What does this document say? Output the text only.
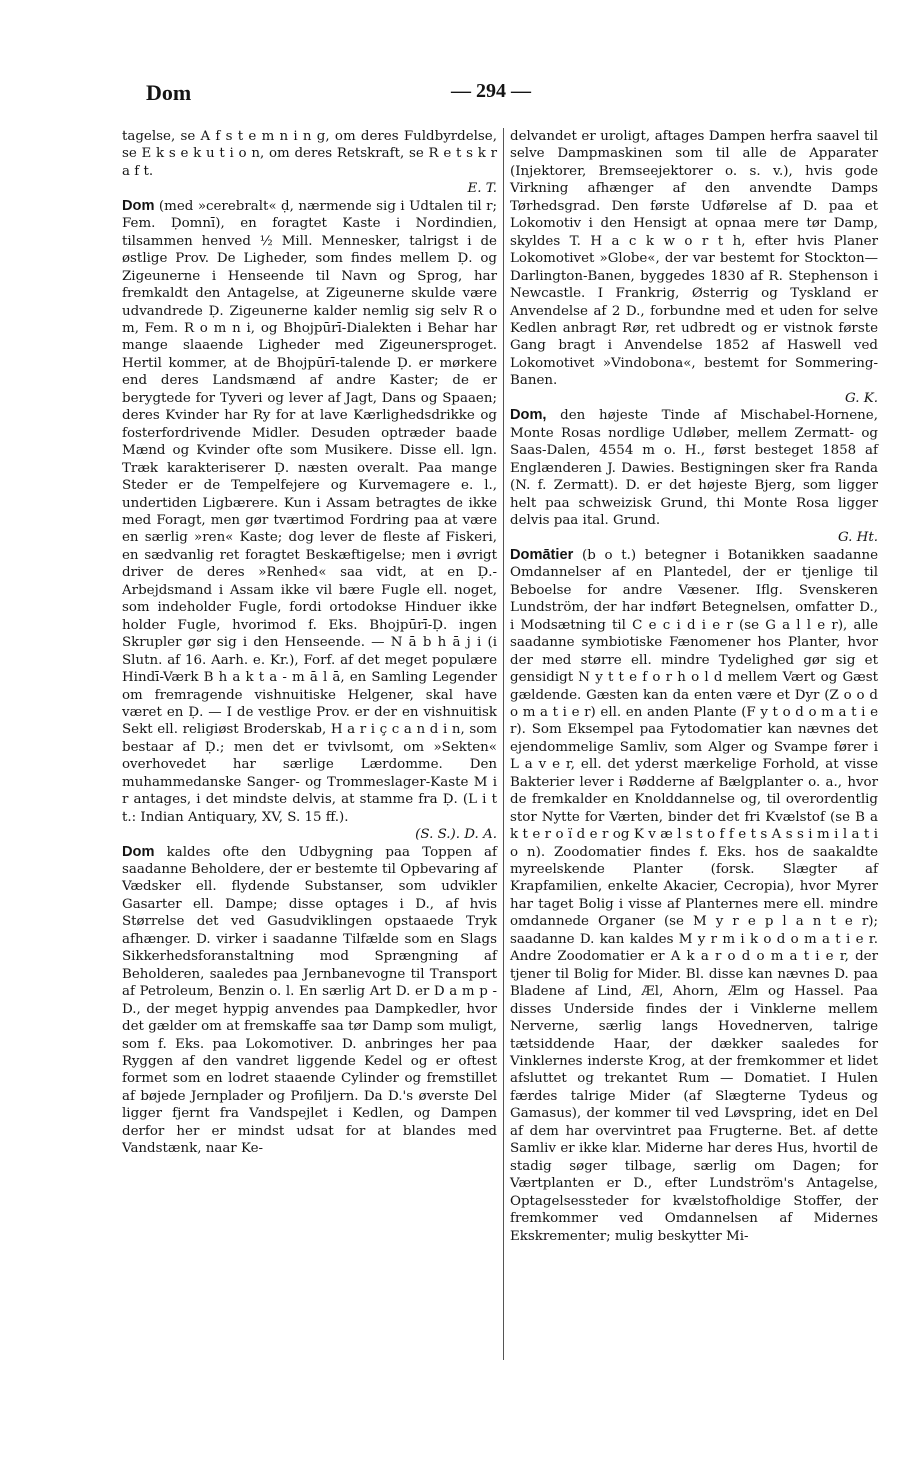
Dom	— 294 —

tagelse, se A f s t e m n i n g, om deres Fuldbyrdelse, se E k s e k u t i o n, om deres Retskraft, se R e t s k r a f t.
E. T.

Dom (med »cerebralt« ḍ, nærmende sig i Udtalen til r; Fem. Ḍomnī), en foragtet Kaste i Nordindien, tilsammen henved ½ Mill. Mennesker, talrigst i de østlige Prov. De Ligheder, som findes mellem Ḍ. og Zigeunerne i Henseende til Navn og Sprog, har fremkaldt den Antagelse, at Zigeunerne skulde være udvandrede Ḍ. Zigeunerne kalder nemlig sig selv R o m, Fem. R o m n i, og Bhojpūrī-Dialekten i Behar har mange slaaende Ligheder med Zigeunersproget. Hertil kommer, at de Bhojpūrī-talende Ḍ. er mørkere end deres Landsmænd af andre Kaster; de er berygtede for Tyveri og lever af Jagt, Dans og Spaaen; deres Kvinder har Ry for at lave Kærlighedsdrikke og fosterfordrivende Midler. Desuden optræder baade Mænd og Kvinder ofte som Musikere. Disse ell. lgn. Træk karakteriserer Ḍ. næsten overalt. Paa mange Steder er de Tempelfejere og Kurvemagere e. l., undertiden Ligbærere. Kun i Assam betragtes de ikke med Foragt, men gør tværtimod Fordring paa at være en særlig »ren« Kaste; dog lever de fleste af Fiskeri, en sædvanlig ret foragtet Beskæftigelse; men i øvrigt driver de deres »Renhed« saa vidt, at en Ḍ.-Arbejdsmand i Assam ikke vil bære Fugle ell. noget, som indeholder Fugle, fordi ortodokse Hinduer ikke holder Fugle, hvorimod f. Eks. Bhojpūrī-Ḍ. ingen Skrupler gør sig i den Henseende. — N ā b h ā j i (i Slutn. af 16. Aarh. e. Kr.), Forf. af det meget populære Hindī-Værk B h a k t a - m ā l ā, en Samling Legender om fremragende vishnuitiske Helgener, skal have været en Ḍ. — I de vestlige Prov. er der en vishnuitisk Sekt ell. religiøst Broderskab, H a r i ç c a n d i n, som bestaar af Ḍ.; men det er tvivlsomt, om »Sekten« overhovedet har særlige Lærdomme. Den muhammedanske Sanger- og Trommeslager-Kaste M i r antages, i det mindste delvis, at stamme fra Ḍ. (L i t t.: Indian Antiquary, XV, S. 15 ff.).
(S. S.). D. A.

Dom kaldes ofte den Udbygning paa Toppen af saadanne Beholdere, der er bestemte til Opbevaring af Vædsker ell. flydende Substanser, som udvikler Gasarter ell. Dampe; disse optages i D., af hvis Størrelse det ved Gasudviklingen opstaaede Tryk afhænger. D. virker i saadanne Tilfælde som en Slags Sikkerhedsforanstaltning mod Sprængning af Beholderen, saaledes paa Jernbanevogne til Transport af Petroleum, Benzin o. l. En særlig Art D. er D a m p - D., der meget hyppig anvendes paa Dampkedler, hvor det gælder om at fremskaffe saa tør Damp som muligt, som f. Eks. paa Lokomotiver. D. anbringes her paa Ryggen af den vandret liggende Kedel og er oftest formet som en lodret staaende Cylinder og fremstillet af bøjede Jernplader og Profiljern. Da D.'s øverste Del ligger fjernt fra Vandspejlet i Kedlen, og Dampen derfor her er mindst udsat for at blandes med Vandstænk, naar Ke-

delvandet er uroligt, aftages Dampen herfra saavel til selve Dampmaskinen som til alle de Apparater (Injektorer, Bremseejektorer o. s. v.), hvis gode Virkning afhænger af den anvendte Damps Tørhedsgrad. Den første Udførelse af D. paa et Lokomotiv i den Hensigt at opnaa mere tør Damp, skyldes T. H a c k w o r t h, efter hvis Planer Lokomotivet »Globe«, der var bestemt for Stockton—Darlington-Banen, byggedes 1830 af R. Stephenson i Newcastle. I Frankrig, Østerrig og Tyskland er Anvendelse af 2 D., forbundne med et uden for selve Kedlen anbragt Rør, ret udbredt og er vistnok første Gang bragt i Anvendelse 1852 af Haswell ved Lokomotivet »Vindobona«, bestemt for Sommering-Banen.
G. K.

Dom, den højeste Tinde af Mischabel-Hornene, Monte Rosas nordlige Udløber, mellem Zermatt- og Saas-Dalen, 4554 m o. H., først besteget 1858 af Englænderen J. Dawies. Bestigningen sker fra Randa (N. f. Zermatt). D. er det højeste Bjerg, som ligger helt paa schweizisk Grund, thi Monte Rosa ligger delvis paa ital. Grund.
G. Ht.

Domātier (b o t.) betegner i Botanikken saadanne Omdannelser af en Plantedel, der er tjenlige til Beboelse for andre Væsener. Iflg. Svenskeren Lundström, der har indført Betegnelsen, omfatter D., i Modsætning til C e c i d i e r (se G a l l e r), alle saadanne symbiotiske Fænomener hos Planter, hvor der med større ell. mindre Tydelighed gør sig et gensidigt N y t t e f o r h o l d mellem Vært og Gæst gældende. Gæsten kan da enten være et Dyr (Z o o d o m a t i e r) ell. en anden Plante (F y t o d o m a t i e r). Som Eksempel paa Fytodomatier kan nævnes det ejendommelige Samliv, som Alger og Svampe fører i L a v e r, ell. det yderst mærkelige Forhold, at visse Bakterier lever i Rødderne af Bælgplanter o. a., hvor de fremkalder en Knolddannelse og, til overordentlig stor Nytte for Værten, binder det fri Kvælstof (se B a k t e r o ï d e r og K v æ l s t o f f e t s A s s i m i l a t i o n). Zoodomatier findes f. Eks. hos de saakaldte myreelskende Planter (forsk. Slægter af Krapfamilien, enkelte Akacier, Cecropia), hvor Myrer har taget Bolig i visse af Planternes mere ell. mindre omdannede Organer (se M y r e p l a n t e r); saadanne D. kan kaldes M y r m i k o d o m a t i e r. Andre Zoodomatier er A k a r o d o m a t i e r, der tjener til Bolig for Mider. Bl. disse kan nævnes D. paa Bladene af Lind, Æl, Ahorn, Ælm og Hassel. Paa disses Underside findes der i Vinklerne mellem Nerverne, særlig langs Hovednerven, talrige tætsiddende Haar, der dækker saaledes for Vinklernes inderste Krog, at der fremkommer et lidet afsluttet og trekantet Rum — Domatiet. I Hulen færdes talrige Mider (af Slægterne Tydeus og Gamasus), der kommer til ved Løvspring, idet en Del af dem har overvintret paa Frugterne. Bet. af dette Samliv er ikke klar. Miderne har deres Hus, hvortil de stadig søger tilbage, særlig om Dagen; for Værtplanten er D., efter Lundström's Antagelse, Optagelsessteder for kvælstofholdige Stoffer, der fremkommer ved Omdannelsen af Midernes Ekskrementer; mulig beskytter Mi-
